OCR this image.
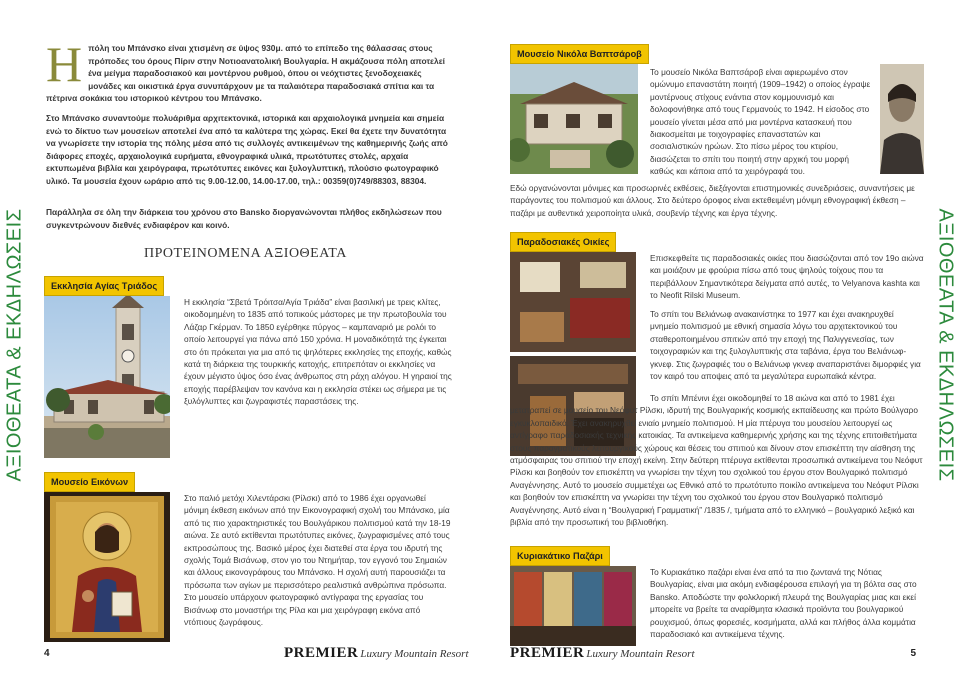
ΑΞΙΟΘΕΑΤΑ & ΕΚΔΗΛΩΣΕΙΣ
Η πόλη του Μπάνσκο είναι χτισμένη σε ύψος 930μ. από το επίπεδο της θάλασσας στους πρόποδες του όρους Πίριν στην Νοτιοανατολική Βουλγαρία. Η ακμάζουσα πόλη αποτελεί ένα μείγμα παραδοσιακού και μοντέρνου ρυθμού, όπου οι νεόχτιστες ξενοδοχειακές μονάδες και οικιστικά έργα συνυπάρχουν με τα παλαιότερα παραδοσιακά σπίτια και τα πέτρινα σοκάκια του ιστορικού κέντρου του Μπάνσκο.
Στο Μπάνσκο συναντούμε πολυάριθμα αρχιτεκτονικά, ιστορικά και αρχαιολογικά μνημεία και σημεία ενώ το δίκτυο των μουσείων αποτελεί ένα από τα καλύτερα της χώρας. Εκεί θα έχετε την δυνατότητα να γνωρίσετε την ιστορία της πόλης μέσα από τις συλλογές αντικειμένων της καθημερινής ζωής από διάφορες εποχές, αρχαιολογικά ευρήματα, εθνογραφικά υλικά, πρωτότυπες στολές, αρχαία εκτυπωμένα βιβλία και χειρόγραφα, πρωτότυπες εικόνες και ξυλογλυπτική, πλούσιο φωτογραφικό υλικό. Τα μουσεία έχουν ωράριο από τις 9.00-12.00, 14.00-17.00, τηλ.: 00359(0)749/88303, 88304.
Παράλληλα σε όλη την διάρκεια του χρόνου στο Bansko διοργανώνονται πλήθος εκδηλώσεων που συγκεντρώνουν διεθνές ενδιαφέρον και κοινό.
ΠΡΟΤΕΙΝΟΜΕΝΑ ΑΞΙΟΘΕΑΤΑ
Εκκλησία Αγίας Τριάδος
Η εκκλησία “Σβετά Τρόιτσα/Αγία Τριάδα” είναι βασιλική με τρεις κλίτες, οικοδομημένη το 1835 από τοπικούς μάστορες με την πρωτοβουλία του Λάζαρ Γκέρμαν. Το 1850 εγέρθηκε πύργος – καμπαναριό με ρολόι το οποίο λειτουργεί για πάνω από 150 χρόνια. Η μοναδικότητά της έγκειται στο ότι πρόκειται για μια από τις ψηλότερες εκκλησίες της εποχής, καθώς κατά τη διάρκεια της τουρκικής κατοχής, επιτρεπόταν οι εκκλησίες να έχουν μέγιστο ύψος όσο ένας άνθρωπος στη ράχη αλόγου. Η γηραιοί της εποχής παρέβλεψαν τον κανόνα και η εκκλησία στέκει ως σήμερα με τις ξυλόγλυπτες και ζωγραφιστές παραστάσεις της.
Μουσείο Εικόνων
Στο παλιό μετόχι Χιλεντάρσκι (Ρίλσκι) από το 1986 έχει οργανωθεί μόνιμη έκθεση εικόνων από την Εικονογραφική σχολή του Μπάνσκο, μία από τις πιο χαρακτηριστικές του Βουλγάρικου πολιτισμού κατά την 18-19 αιώνα. Σε αυτό εκτίθενται πρωτότυπες εικόνες, ζωγραφισμένες από τους εκπροσώπους της. Βασικό μέρος έχει διατεθεί στα έργα του ιδρυτή της σχολής Τομά Βισάνωφ, στον γιο του Ντημήταρ, τον εγγονό του Σημαιών και άλλους εικονογράφους του Μπάνσκο. Η σχολή αυτή παρουσιάζει τα πρόσωπα των αγίων με περισσότερο ρεαλιστικά ανθρώπινα πρόσωπα. Στο μουσείο υπάρχουν φωτογραφικό αντίγραφα της εργασίας του Βισάνωφ στο μοναστήρι της Ρίλα και μια χειρόγραφη εικόνα από ντόπιους ζωγράφους.
4	PREMIER Luxury Mountain Resort
ΑΞΙΟΘΕΑΤΑ & ΕΚΔΗΛΩΣΕΙΣ
Μουσείο Νικόλα Βαπτσάροβ
Το μουσείο Νικόλα Βαπτσάροβ είναι αφιερωμένο στον ομώνυμο επαναστάτη ποιητή (1909–1942) ο οποίος έγραψε μοντέρνους στίχους ενάντια στον κομμουνισμό και δολοφονήθηκε από τους Γερμανούς το 1942. Η είσοδος στο μουσείο γίνεται μέσα από μια μοντέρνα κατασκευή που διακοσμείται με τοιχογραφίες επαναστατών και σοσιαλιστικών ηρώων. Στο πίσω μέρος του κτιρίου, διασώζεται το σπίτι του ποιητή στην αρχική του μορφή καθώς και κάποια από τα χειρόγραφά του.
Εδώ οργανώνονται μόνιμες και προσωρινές εκθέσεις, διεξάγονται επιστημονικές συνεδριάσεις, συναντήσεις με παράγοντες του πολιτισμού και άλλους. Στο δεύτερο όροφος είναι εκτεθειμένη μόνιμη εθνογραφική έκθεση – παζάρι με αυθεντικά χειροποίητα υλικά, σουβενίρ τέχνης και έργα τέχνης.
Παραδοσιακές Οικίες
Επισκεφθείτε τις παραδοσιακές οικίες που διασώζονται από τον 19ο αιώνα και μοιάζουν με φρούρια πίσω από τους ψηλούς τοίχους που τα περιβάλλουν Σημαντικότερα δείγματα από αυτές, το Velyanova kashta και το Neofit Rilski Museum.
Το σπίτι του Βελιάνωφ ανακαινίστηκε το 1977 και έχει ανακηρυχθεί μνημείο πολιτισμού με εθνική σημασία λόγω του αρχιτεκτονικού του σταθεροποιημένου σπιτιών από την εποχή της Παλιγγενεσίας, των τοιχογραφιών και της ξυλογλυπτικής στα ταβάνια, έργα του Βελιάνωφ-γκνεφ. Στις ζωγραφιές του ο Βελιάνωφ γκνεφ αναπαριστάνει διμορφιές για τον καιρό του αποψεις από τα μεγαλύτερα ευρωπαϊκά κέντρα.
Το σπίτι Μπένινι έχει οικοδομηθεί το 18 αιώνα και από το 1981 έχει μετατραπεί σε μουσείο του Νεόφυτ Ρίλσκι, ιδρυτή της Βουλγαρικής κοσμικής εκπαίδευσης και πρώτο Βούλγαρο εγκυκλοπαιδικό. Έχει ανακηρυχθεί ενιαίο μνημείο πολιτισμού. Η μία πτέρυγα του μουσείου λειτουργεί ως αντίγραφο παραδοσιακής τεχνικής κατοικίας. Τα αντικείμενα καθημερινής χρήσης και της τέχνης επιτοιθετήματα στους παραγματικούς λειτουργικούς χώρους και θέσεις του σπιτιού και δίνουν στον επισκέπτη την αίσθηση της ατμόσφαιρας του σπιτιού την εποχή εκείνη. Στην δεύτερη πτέρυγα εκτίθενται προσωπικά αντικείμενα του Νεόφυτ Ρίλσκι και βοηθούν τον επισκέπτη να γνωρίσει την τέχνη του σχολικού του έργου στον Βουλγαρικό πολιτισμό Αναγέννησης. Αυτό το μουσείο συμμετέχει ως Εθνικό από το πρωτότυπο ποικίλο αντικείμενα του Νεόφυτ Ρίλσκι και βοηθούν τον επισκέπτη να γνωρίσει την τέχνη του σχολικού του έργου στον Βουλγαρικό πολιτισμό Αναγέννησης. Αυτό είναι η “Βουλγαρική Γραμματική” /1835 /, τμήματα από το ελληνικό – βουλγαρικό λεξικό και βιβλία από την προσωπική του βιβλιοθήκη.
Κυριακάτικο Παζάρι
Το Κυριακάτικο παζάρι είναι ένα από τα πιο ζωντανά της Νότιας Βουλγαρίας, είναι μια ακόμη ενδιαφέρουσα επιλογή για τη βόλτα σας στο Bansko. Αποδώστε την φολκλορική πλευρά της Βουλγαρίας μιας και εκεί μπορείτε να βρείτε τα αναρίθμητα κλασικά προϊόντα του βουλγαρικού ρουχισμού, όπως φορεσιές, κοσμήματα, αλλά και πλήθος άλλα κομμάτια παραδοσιακό και αντικείμενα τέχνης.
PREMIER Luxury Mountain Resort	5
